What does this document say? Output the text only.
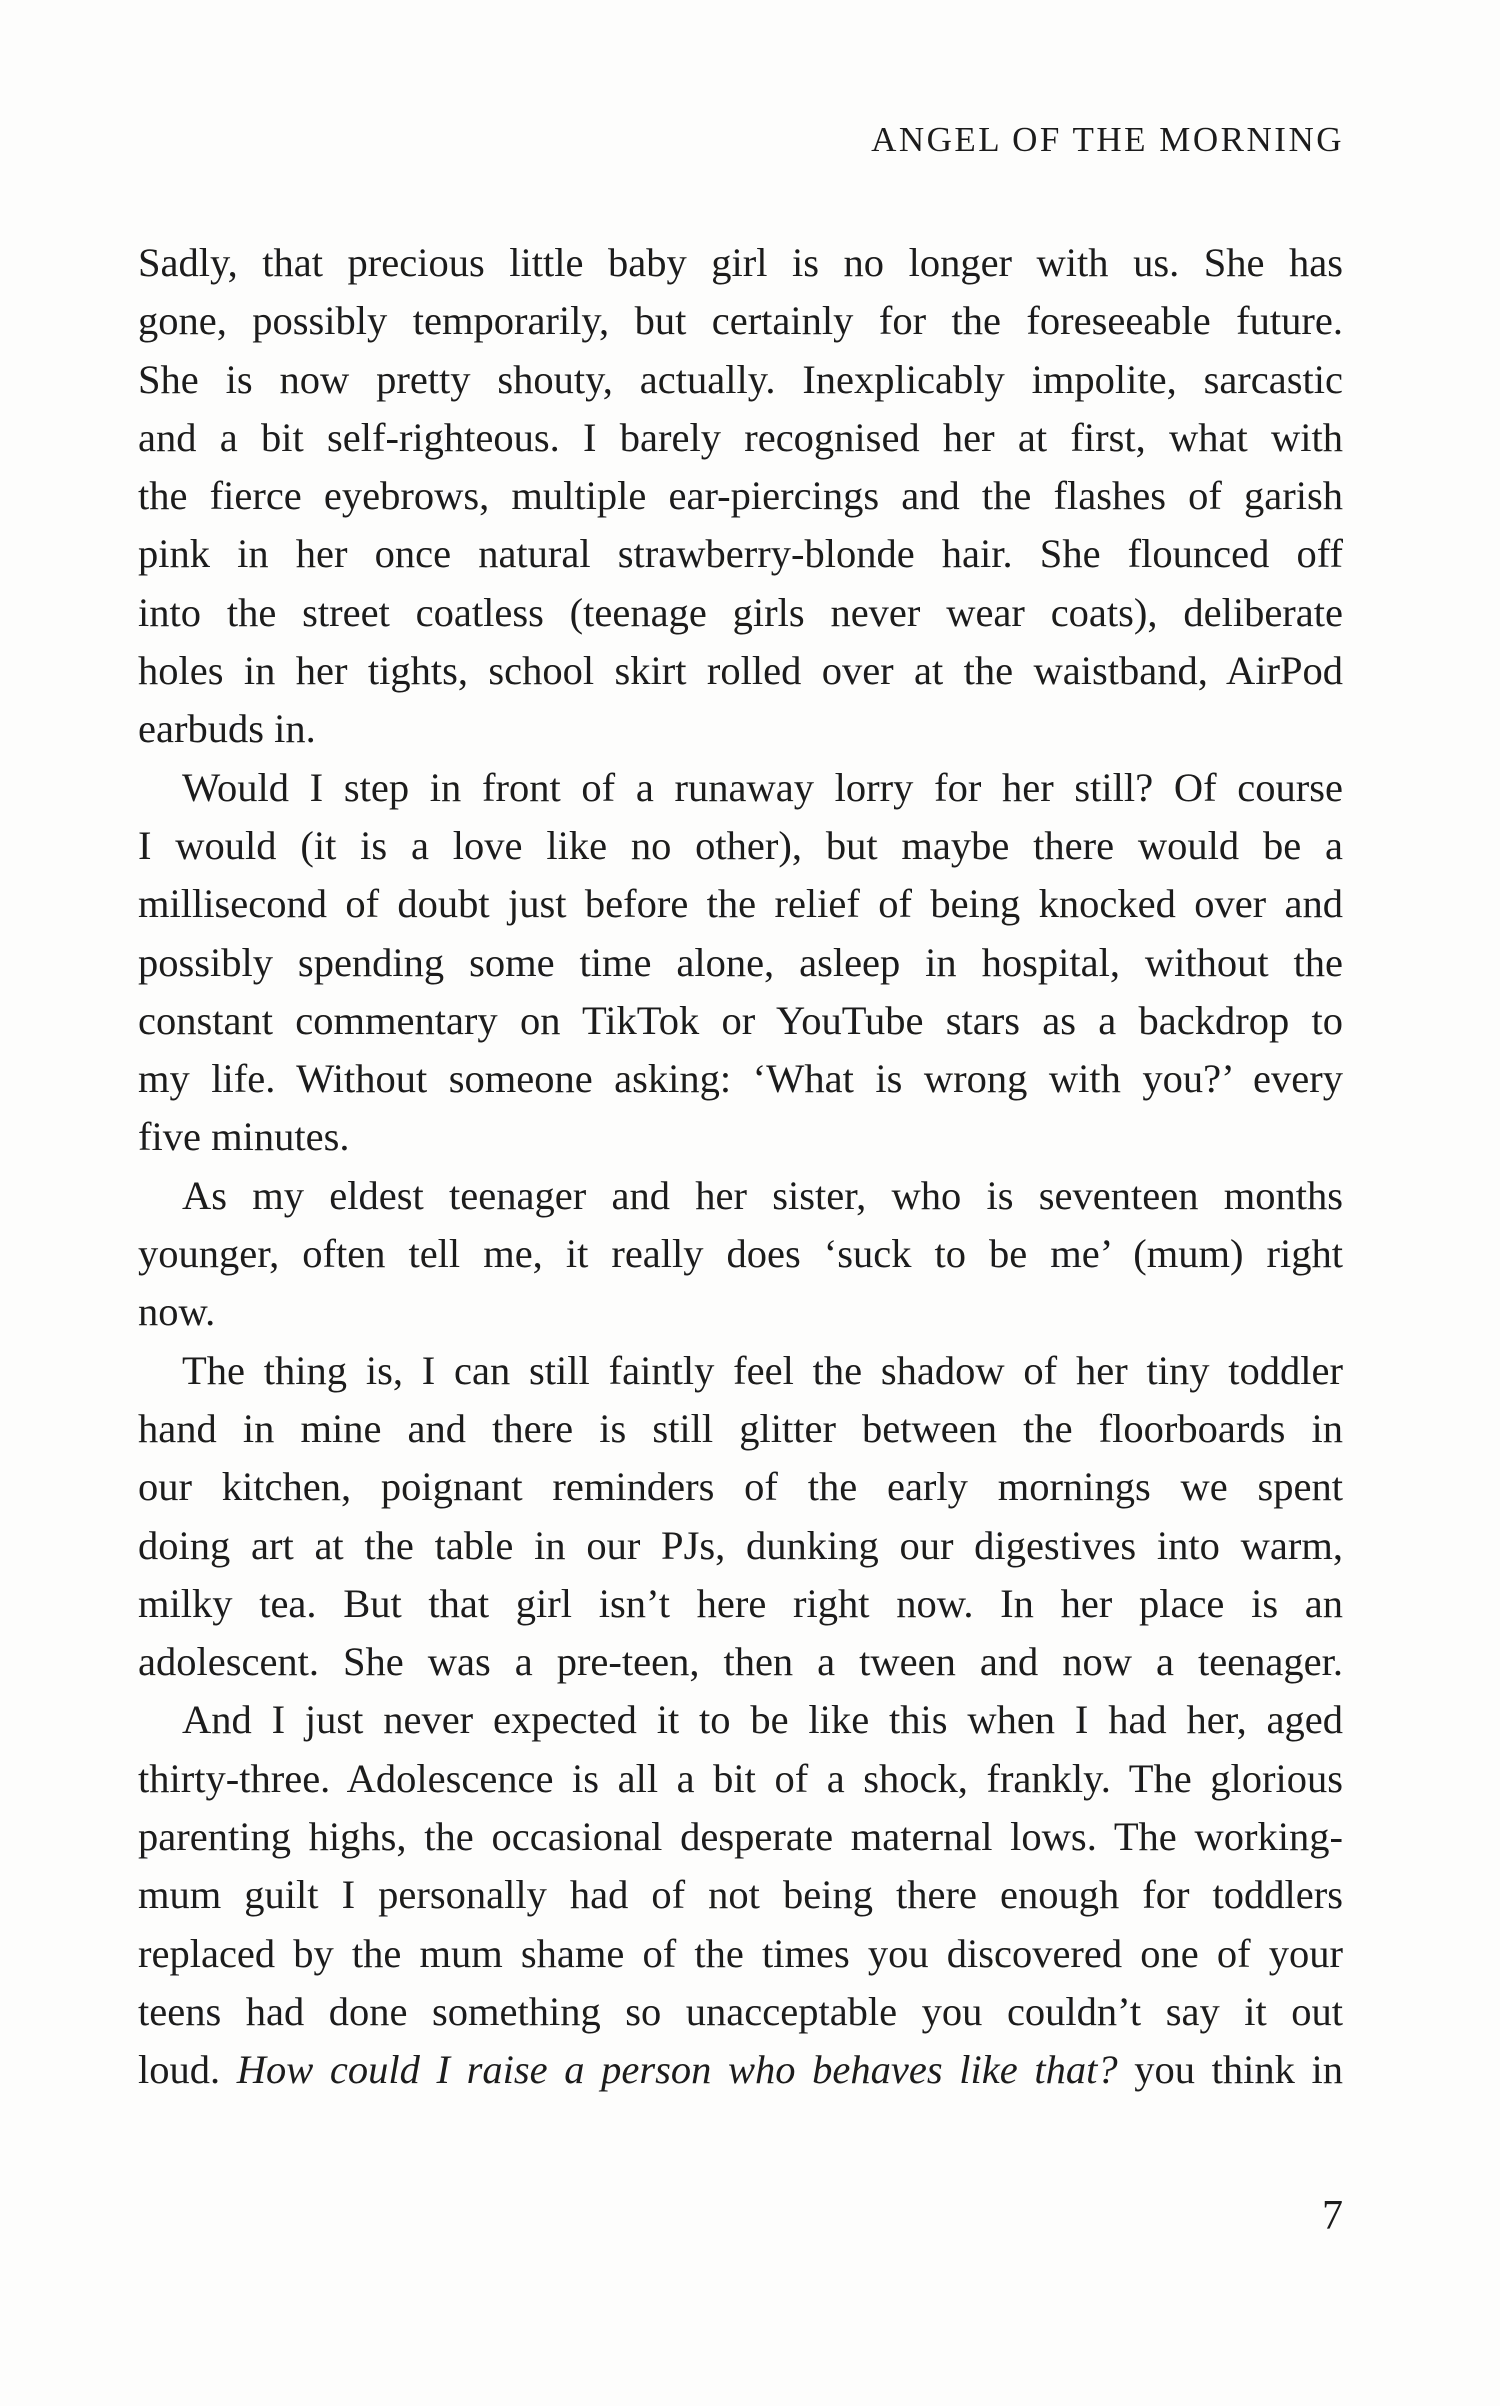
ANGEL OF THE MORNING
Sadly, that precious little baby girl is no longer with us. She has
gone, possibly temporarily, but certainly for the foreseeable future.
She is now pretty shouty, actually. Inexplicably impolite, sarcastic
and a bit self-righteous. I barely recognised her at first, what with
the fierce eyebrows, multiple ear-piercings and the flashes of garish
pink in her once natural strawberry-blonde hair. She flounced off
into the street coatless (teenage girls never wear coats), deliberate
holes in her tights, school skirt rolled over at the waistband, AirPod
earbuds in.
Would I step in front of a runaway lorry for her still? Of course
I would (it is a love like no other), but maybe there would be a
millisecond of doubt just before the relief of being knocked over and
possibly spending some time alone, asleep in hospital, without the
constant commentary on TikTok or YouTube stars as a backdrop to
my life. Without someone asking: ‘What is wrong with you?’ every
five minutes.
As my eldest teenager and her sister, who is seventeen months
younger, often tell me, it really does ‘suck to be me’ (mum) right
now.
The thing is, I can still faintly feel the shadow of her tiny toddler
hand in mine and there is still glitter between the floorboards in
our kitchen, poignant reminders of the early mornings we spent
doing art at the table in our PJs, dunking our digestives into warm,
milky tea. But that girl isn’t here right now. In her place is an
adolescent. She was a pre-teen, then a tween and now a teenager.
And I just never expected it to be like this when I had her, aged
thirty-three. Adolescence is all a bit of a shock, frankly. The glorious
parenting highs, the occasional desperate maternal lows. The working-
mum guilt I personally had of not being there enough for toddlers
replaced by the mum shame of the times you discovered one of your
teens had done something so unacceptable you couldn’t say it out
loud. How could I raise a person who behaves like that? you think in
7
